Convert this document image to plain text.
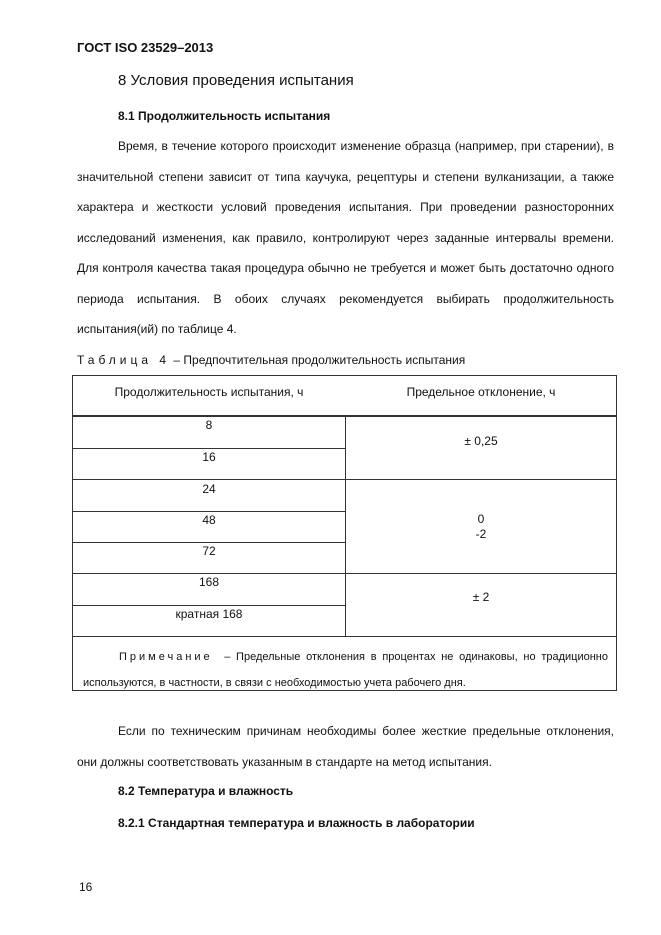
ГОСТ ISO 23529–2013
8 Условия проведения испытания
8.1 Продолжительность испытания

Время, в течение которого происходит изменение образца (например, при старении), в значительной степени зависит от типа каучука, рецептуры и степени вулканизации, а также характера и жесткости условий проведения испытания. При проведении разносторонних исследований изменения, как правило, контролируют через заданные интервалы времени. Для контроля качества такая процедура обычно не требуется и может быть достаточно одного периода испытания. В обоих случаях рекомендуется выбирать продолжительность испытания(ий) по таблице 4.

Таблица 4 – Предпочтительная продолжительность испытания
Продолжительность испытания, ч	Предельное отклонение, ч
8
16
24
48
72
168
кратная 168
± 0,25
0
-2
± 2

Примечание – Предельные отклонения в процентах не одинаковы, но традиционно используются, в частности, в связи с необходимостью учета рабочего дня.

Если по техническим причинам необходимы более жесткие предельные отклонения, они должны соответствовать указанным в стандарте на метод испытания.

8.2 Температура и влажность
8.2.1 Стандартная температура и влажность в лаборатории
16
